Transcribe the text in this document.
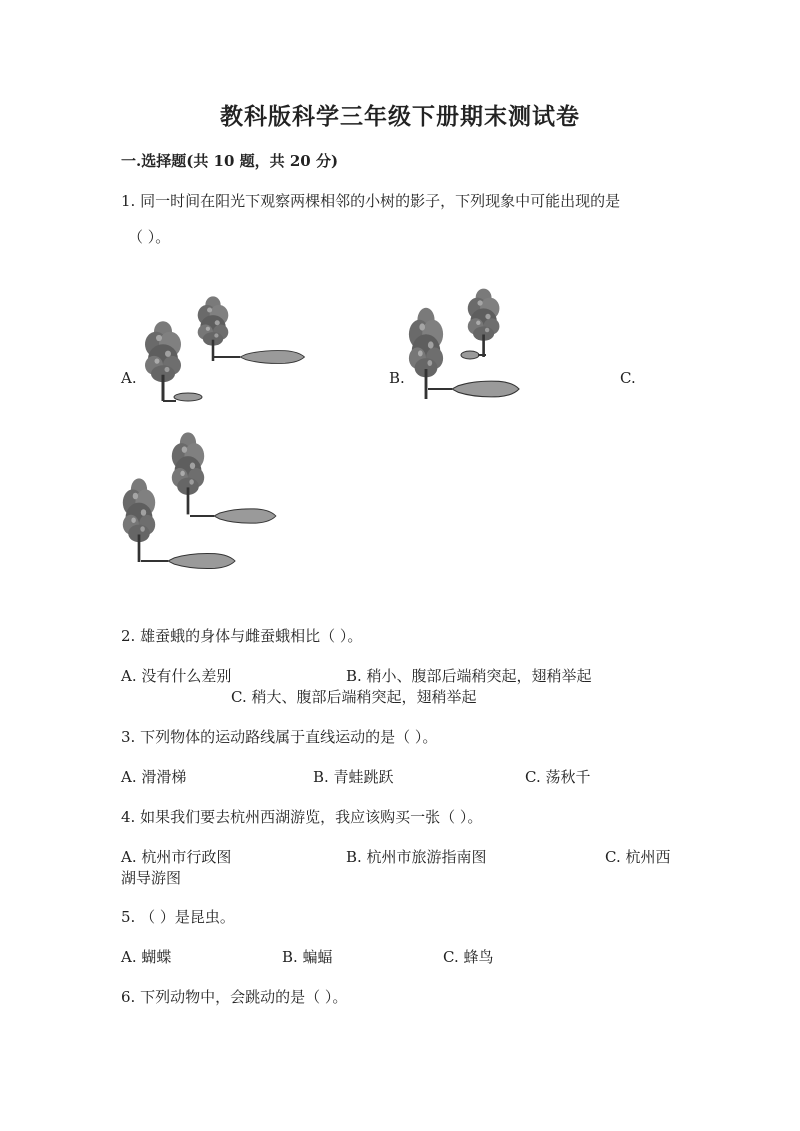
教科版科学三年级下册期末测试卷
一.选择题(共 10 题，共 20 分)
1. 同一时间在阳光下观察两棵相邻的小树的影子，下列现象中可能出现的是
（ ）。
A.	B.	C.
2. 雄蚕蛾的身体与雌蚕蛾相比（ ）。
A. 没有什么差别	B. 稍小、腹部后端稍突起，翅稍举起
C. 稍大、腹部后端稍突起，翅稍举起
3. 下列物体的运动路线属于直线运动的是（ ）。
A. 滑滑梯	B. 青蛙跳跃	C. 荡秋千
4. 如果我们要去杭州西湖游览，我应该购买一张（ ）。
A. 杭州市行政图	B. 杭州市旅游指南图	C. 杭州西
湖导游图
5. （ ）是昆虫。
A. 蝴蝶	B. 蝙蝠	C. 蜂鸟
6. 下列动物中，会跳动的是（ ）。
